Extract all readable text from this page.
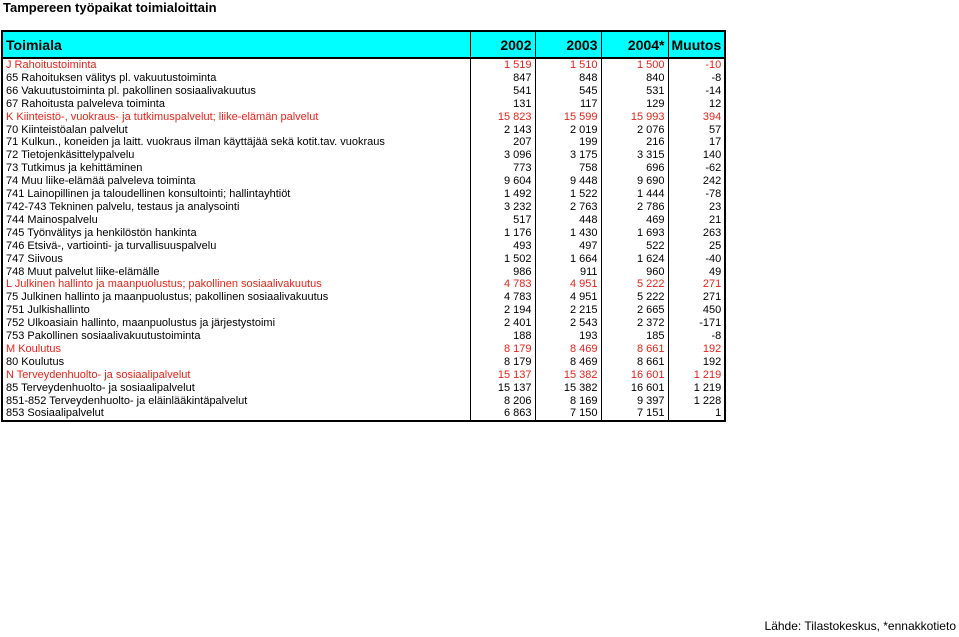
Tampereen työpaikat toimialoittain
Toimiala	2002	2003	2004*	Muutos
J Rahoitustoiminta	1 519	1 510	1 500	-10
65 Rahoituksen välitys pl. vakuutustoiminta	847	848	840	-8
66 Vakuutustoiminta pl. pakollinen sosiaalivakuutus	541	545	531	-14
67 Rahoitusta palveleva toiminta	131	117	129	12
K Kiinteistö-, vuokraus- ja tutkimuspalvelut; liike-elämän palvelut	15 823	15 599	15 993	394
70 Kiinteistöalan palvelut	2 143	2 019	2 076	57
71 Kulkun., koneiden ja laitt. vuokraus ilman käyttäjää sekä kotit.tav. vuokraus	207	199	216	17
72 Tietojenkäsittelypalvelu	3 096	3 175	3 315	140
73 Tutkimus ja kehittäminen	773	758	696	-62
74 Muu liike-elämää palveleva toiminta	9 604	9 448	9 690	242
741 Lainopillinen ja taloudellinen konsultointi; hallintayhtiöt	1 492	1 522	1 444	-78
742-743 Tekninen palvelu, testaus ja analysointi	3 232	2 763	2 786	23
744 Mainospalvelu	517	448	469	21
745 Työnvälitys ja henkilöstön hankinta	1 176	1 430	1 693	263
746 Etsivä-, vartiointi- ja turvallisuuspalvelu	493	497	522	25
747 Siivous	1 502	1 664	1 624	-40
748 Muut palvelut liike-elämälle	986	911	960	49
L Julkinen hallinto ja maanpuolustus; pakollinen sosiaalivakuutus	4 783	4 951	5 222	271
75 Julkinen hallinto ja maanpuolustus; pakollinen sosiaalivakuutus	4 783	4 951	5 222	271
751 Julkishallinto	2 194	2 215	2 665	450
752 Ulkoasiain hallinto, maanpuolustus ja järjestystoimi	2 401	2 543	2 372	-171
753 Pakollinen sosiaalivakuutustoiminta	188	193	185	-8
M Koulutus	8 179	8 469	8 661	192
80 Koulutus	8 179	8 469	8 661	192
N Terveydenhuolto- ja sosiaalipalvelut	15 137	15 382	16 601	1 219
85 Terveydenhuolto- ja sosiaalipalvelut	15 137	15 382	16 601	1 219
851-852 Terveydenhuolto- ja eläinlääkintäpalvelut	8 206	8 169	9 397	1 228
853 Sosiaalipalvelut	6 863	7 150	7 151	1
Lähde: Tilastokeskus, *ennakkotieto
